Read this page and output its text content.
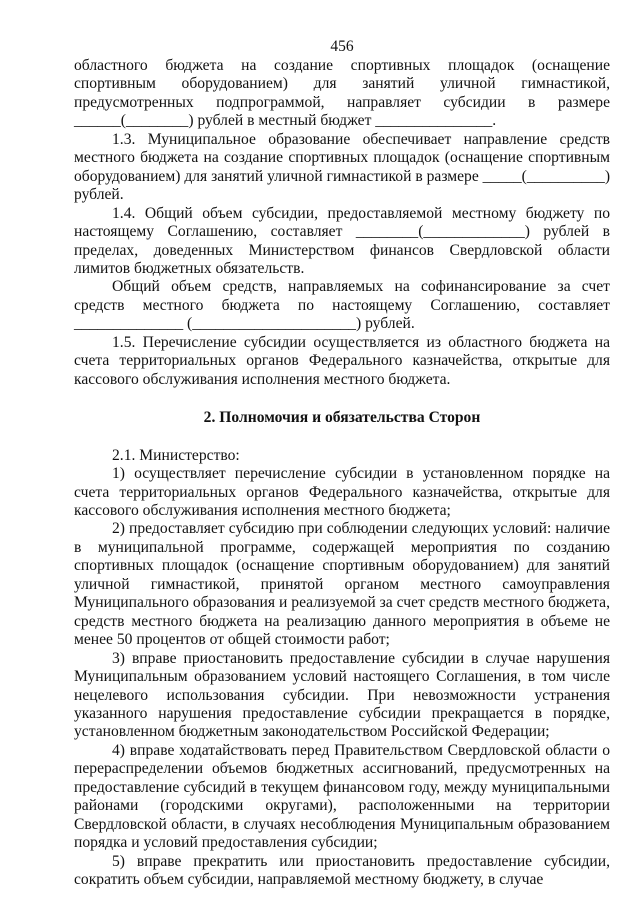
456

областного бюджета на создание спортивных площадок (оснащение спортивным оборудованием) для занятий уличной гимнастикой, предусмотренных подпрограммой, направляет субсидии в размере ______(________) рублей в местный бюджет _______________.

1.3. Муниципальное образование обеспечивает направление средств местного бюджета на создание спортивных площадок (оснащение спортивным оборудованием) для занятий уличной гимнастикой в размере _____(__________) рублей.

1.4. Общий объем субсидии, предоставляемой местному бюджету по настоящему Соглашению, составляет ________(_____________) рублей в пределах, доведенных Министерством финансов Свердловской области лимитов бюджетных обязательств.

Общий объем средств, направляемых на софинансирование за счет средств местного бюджета по настоящему Соглашению, составляет ______________ (_____________________) рублей.

1.5. Перечисление субсидии осуществляется из областного бюджета на счета территориальных органов Федерального казначейства, открытые для кассового обслуживания исполнения местного бюджета.

2. Полномочия и обязательства Сторон

2.1. Министерство:

1) осуществляет перечисление субсидии в установленном порядке на счета территориальных органов Федерального казначейства, открытые для кассового обслуживания исполнения местного бюджета;

2) предоставляет субсидию при соблюдении следующих условий: наличие в муниципальной программе, содержащей мероприятия по созданию спортивных площадок (оснащение спортивным оборудованием) для занятий уличной гимнастикой, принятой органом местного самоуправления Муниципального образования и реализуемой за счет средств местного бюджета, средств местного бюджета на реализацию данного мероприятия в объеме не менее 50 процентов от общей стоимости работ;

3) вправе приостановить предоставление субсидии в случае нарушения Муниципальным образованием условий настоящего Соглашения, в том числе нецелевого использования субсидии. При невозможности устранения указанного нарушения предоставление субсидии прекращается в порядке, установленном бюджетным законодательством Российской Федерации;

4) вправе ходатайствовать перед Правительством Свердловской области о перераспределении объемов бюджетных ассигнований, предусмотренных на предоставление субсидий в текущем финансовом году, между муниципальными районами (городскими округами), расположенными на территории Свердловской области, в случаях несоблюдения Муниципальным образованием порядка и условий предоставления субсидии;

5) вправе прекратить или приостановить предоставление субсидии, сократить объем субсидии, направляемой местному бюджету, в случае
